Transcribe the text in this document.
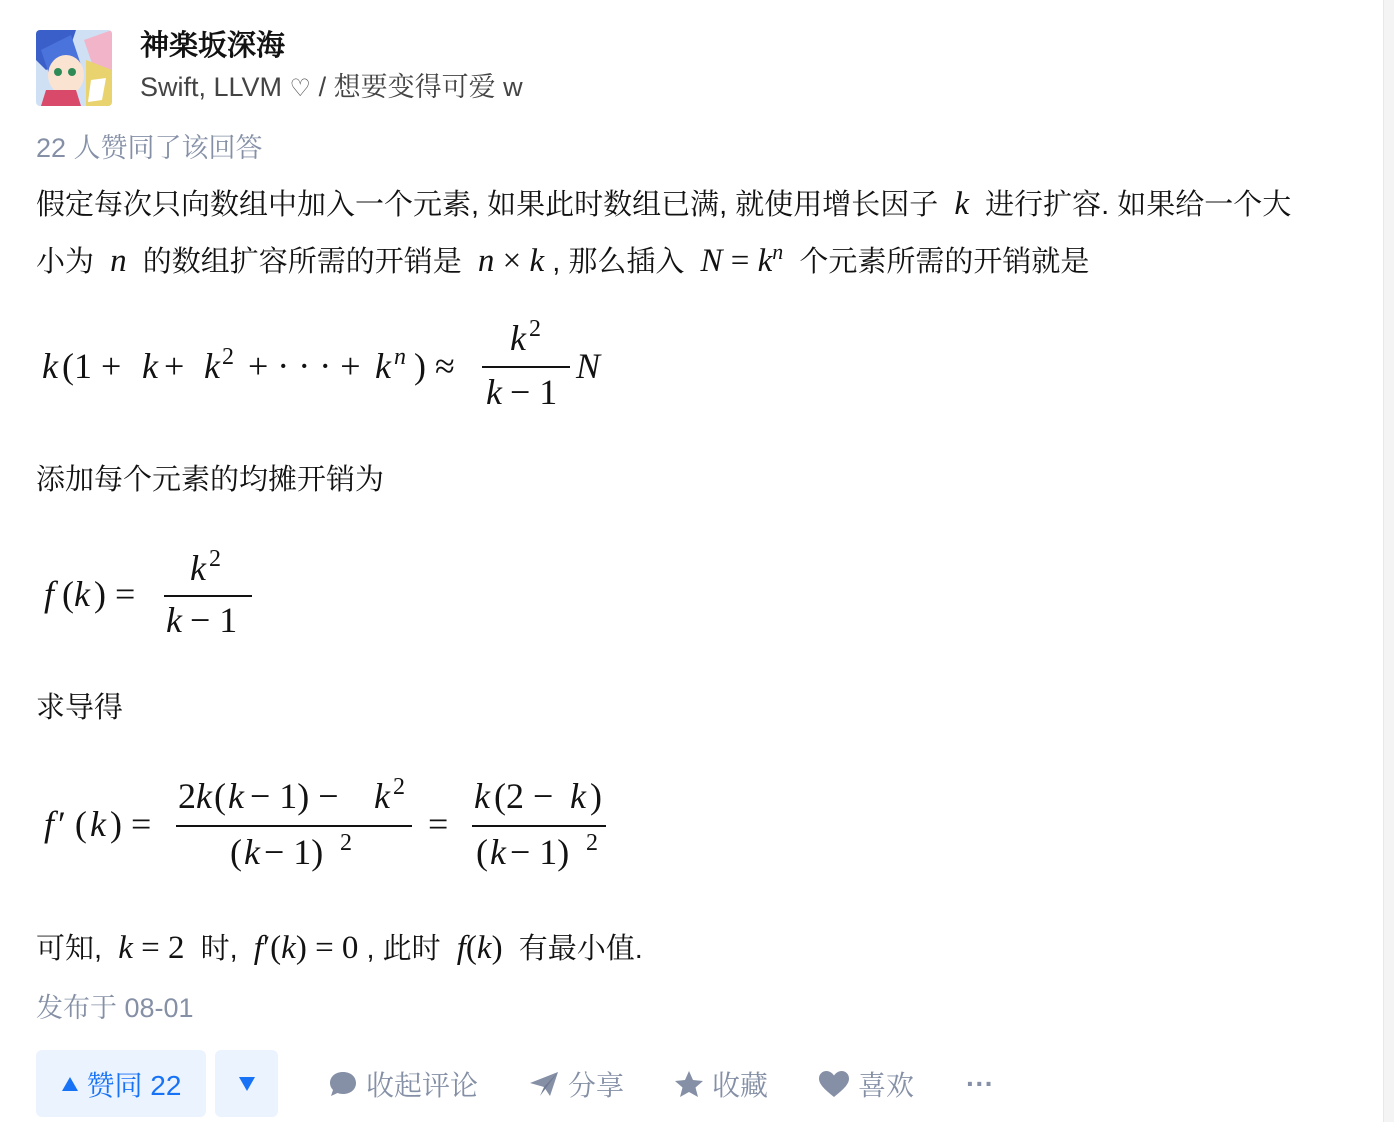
神楽坂深海
Swift, LLVM ♡ / 想要变得可爱 w
22 人赞同了该回答
假定每次只向数组中加入一个元素, 如果此时数组已满, 就使用增长因子 k 进行扩容. 如果给一个大
小为 n 的数组扩容所需的开销是 n × k , 那么插入 $N = k^n$ 个元素所需的开销就是
k (1 + k + k 2 + · · · + k n ) ≈
k 2
k − 1
N
添加每个元素的均摊开销为
f ( k ) =
k 2
k − 1
求导得
f ′ ( k ) =
2 k ( k − 1) − k 2
( k − 1) 2 =
k (2 − k )
( k − 1) 2
可知, k = 2 时, f′(k) = 0 , 此时 f(k) 有最小值.
发布于 08-01
赞同 22	收起评论	分享	收藏	喜欢 ···
